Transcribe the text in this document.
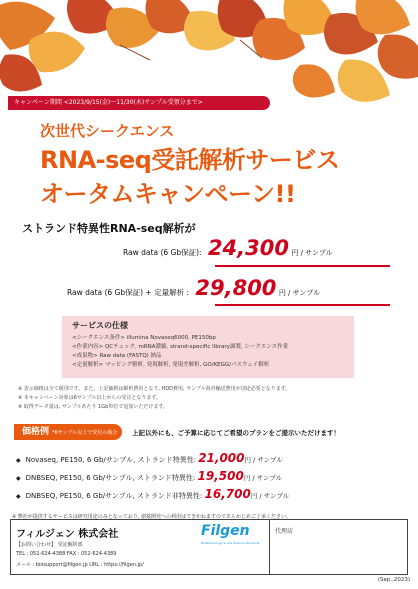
キャンペーン期間 <2023/9/15(金)～11/30(木)サンプル受領分まで>
次世代シークエンス
RNA-seq受託解析サービス
オータムキャンペーン!!
ストランド特異性RNA-seq解析が
Raw data (6 Gb保証): 24,300 円 / サンプル
Raw data (6 Gb保証) + 定量解析 : 29,800 円 / サンプル
サービスの仕様
<シークエンス条件> illumina Novaseq6000, PE150bp
<作業内容> QCチェック, mRNA濃縮, strand-specific library調製, シークエンス作業
<成果物> Raw data (FASTQ) 納品
<定量解析> マッピング解析, 発現解析, 発現差解析, GO/KEGG/パスウェイ解析
※ 表示価格は全て税別です。また、上記価格は解析費用となり, HDD費用, サンプル海外輸送費用が別途必要となります。
※ 本キャンペーン対象は6サンプル以上からの受注となります。
※ 取得データ量は, サンプルあたり 1Gb単位で追加いただけます。
価格例 *6サンプル以上で受付の場合	上記以外にも、ご予算に応じてご希望のプランをご提示いただけます！
◆ Novaseq, PE150, 6 Gb/サンプル, ストランド特異性: 21,000円 / サンプル
◆ DNBSEQ, PE150, 6 Gb/サンプル, ストランド特異性: 19,500円 / サンプル
◆ DNBSEQ, PE150, 6 Gb/サンプル, ストランド非特異性: 16,700円 / サンプル
※ 弊社が提供するサービスは研究用途のみとなっており, 創薬開発への利用はできかねますのであらかじめご了承ください。
フィルジェン 株式会社
【お問い合わせ】 受託解析部
TEL : 052-624-4388 FAX : 052-624-4389
メール : biosupport@filgen.jp URL : https://filgen.jp/
Filgen
Biotechnology & Life Science Solutions
代理店
(Sep.,2023)
